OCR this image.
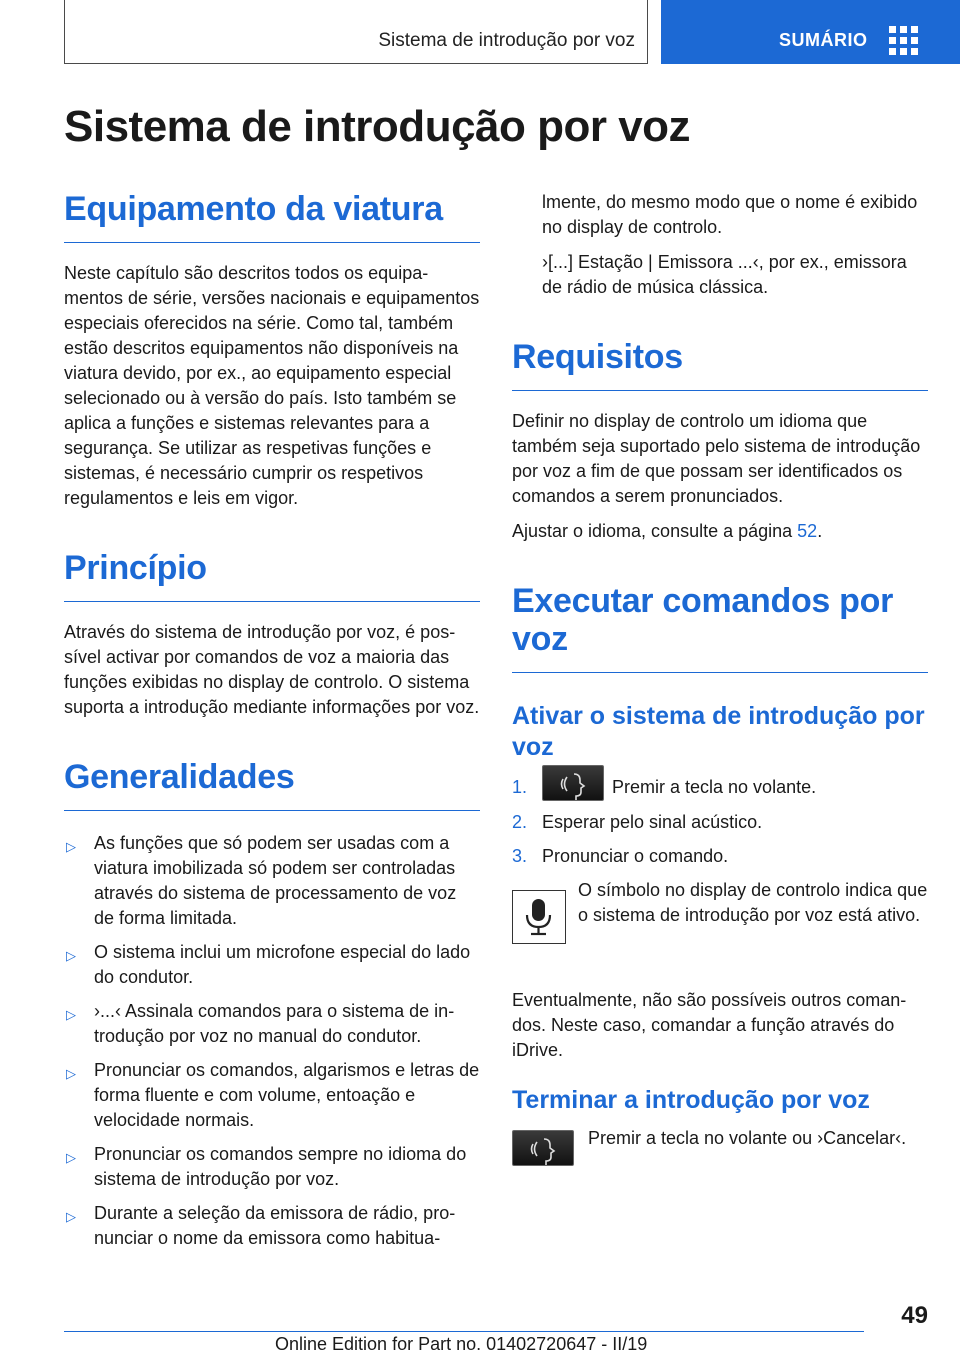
Sistema de introdução por voz	SUMÁRIO
Sistema de introdução por voz
Equipamento da viatura

Neste capítulo são descritos todos os equipamentos de série, versões nacionais e equipamentos especiais oferecidos na série. Como tal, também estão descritos equipamentos não disponíveis na viatura devido, por ex., ao equipamento especial selecionado ou à versão do país. Isto também se aplica a funções e sistemas relevantes para a segurança. Se utilizar as respetivas funções e sistemas, é necessário cumprir os respetivos regulamentos e leis em vigor.

Princípio

Através do sistema de introdução por voz, é possível activar por comandos de voz a maioria das funções exibidas no display de controlo. O sistema suporta a introdução mediante informações por voz.

Generalidades
▷ As funções que só podem ser usadas com a viatura imobilizada só podem ser controladas através do sistema de processamento de voz de forma limitada.
▷ O sistema inclui um microfone especial do lado do condutor.
▷ ›...‹ Assinala comandos para o sistema de introdução por voz no manual do condutor.
▷ Pronunciar os comandos, algarismos e letras de forma fluente e com volume, entoação e velocidade normais.
▷ Pronunciar os comandos sempre no idioma do sistema de introdução por voz.
▷ Durante a seleção da emissora de rádio, pronunciar o nome da emissora como habitua-

lmente, do mesmo modo que o nome é exibido no display de controlo.

›[...] Estação | Emissora ...‹, por ex., emissora de rádio de música clássica.

Requisitos

Definir no display de controlo um idioma que também seja suportado pelo sistema de introdução por voz a fim de que possam ser identificados os comandos a serem pronunciados.

Ajustar o idioma, consulte a página 52.

Executar comandos por voz
Ativar o sistema de introdução por voz
1.	Premir a tecla no volante.
2. Esperar pelo sinal acústico.
3. Pronunciar o comando.

O símbolo no display de controlo indica que o sistema de introdução por voz está ativo.

Eventualmente, não são possíveis outros comandos. Neste caso, comandar a função através do iDrive.

Terminar a introdução por voz

Premir a tecla no volante ou ›Cancelar‹.

49
Online Edition for Part no. 01402720647 - II/19
